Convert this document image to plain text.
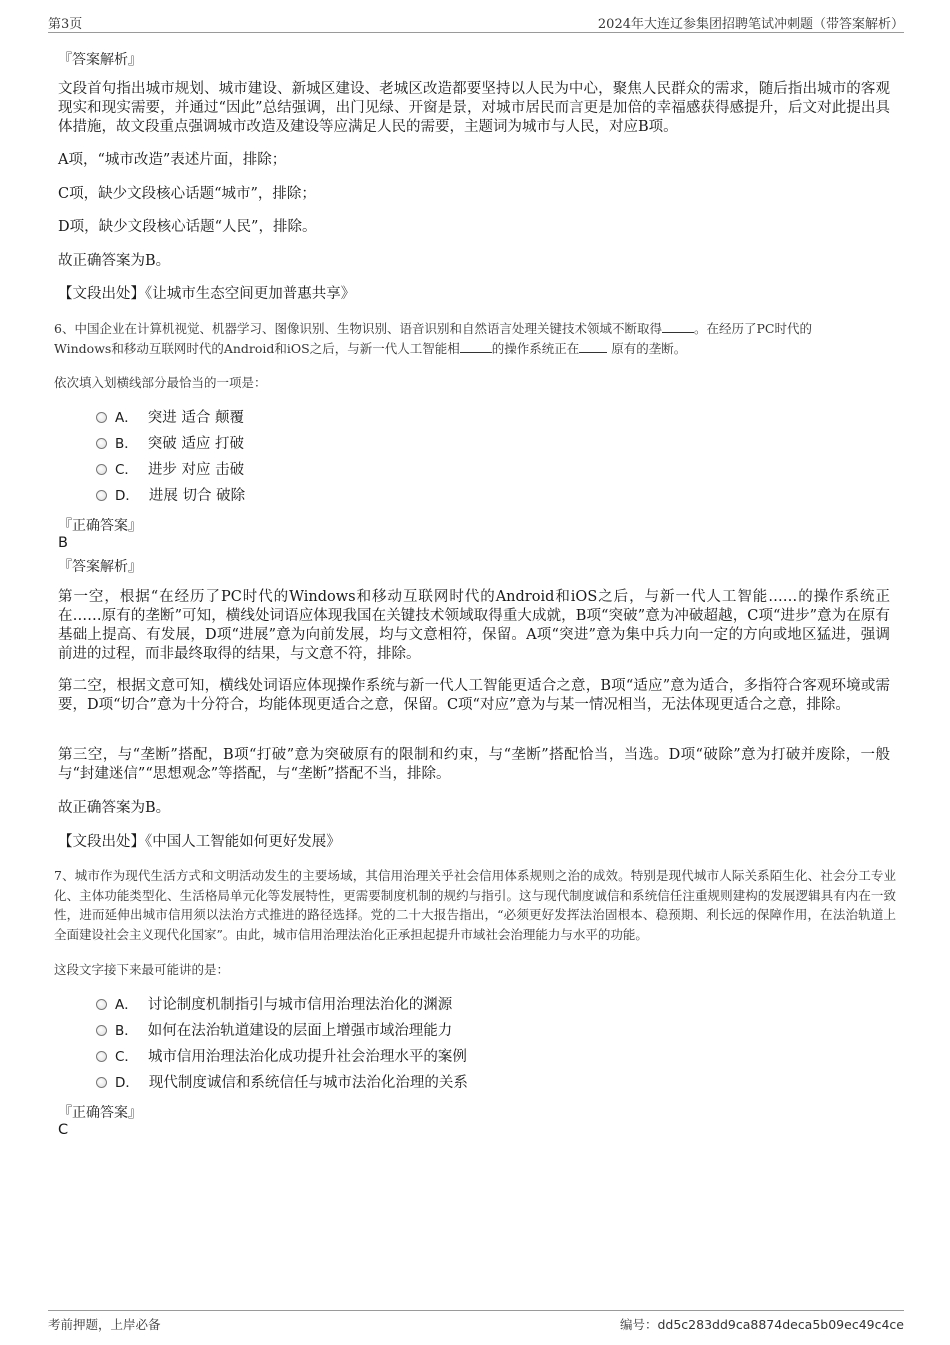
第3页	2024年大连辽参集团招聘笔试冲刺题（带答案解析）
『答案解析』
文段首句指出城市规划、城市建设、新城区建设、老城区改造都要坚持以人民为中心，聚焦人民群众的需求，随后指出城市的客观现实和现实需要，并通过“因此”总结强调，出门见绿、开窗是景，对城市居民而言更是加倍的幸福感获得感提升，后文对此提出具体措施，故文段重点强调城市改造及建设等应满足人民的需要，主题词为城市与人民，对应B项。
A项，“城市改造”表述片面，排除；
C项，缺少文段核心话题“城市”，排除；
D项，缺少文段核心话题“人民”，排除。
故正确答案为B。
【文段出处】《让城市生态空间更加普惠共享》
6、中国企业在计算机视觉、机器学习、图像识别、生物识别、语音识别和自然语言处理关键技术领域不断取得	。在经历了PC时代的
Windows和移动互联网时代的Android和iOS之后，与新一代人工智能相	的操作系统正在 原有的垄断。
依次填入划横线部分最恰当的一项是：
A． 突进 适合 颠覆
B． 突破 适应 打破
C． 进步 对应 击破
D． 进展 切合 破除
『正确答案』
B
『答案解析』
第一空，根据“在经历了PC时代的Windows和移动互联网时代的Android和iOS之后，与新一代人工智能……的操作系统正在……原有的垄断”可知，横线处词语应体现我国在关键技术领域取得重大成就，B项“突破”意为冲破超越，C项“进步”意为在原有基础上提高、有发展，D项“进展”意为向前发展，均与文意相符，保留。A项“突进”意为集中兵力向一定的方向或地区猛进，强调前进的过程，而非最终取得的结果，与文意不符，排除。
第二空，根据文意可知，横线处词语应体现操作系统与新一代人工智能更适合之意，B项“适应”意为适合，多指符合客观环境或需要，D项“切合”意为十分符合，均能体现更适合之意，保留。C项“对应”意为与某一情况相当，无法体现更适合之意，排除。
第三空，与“垄断”搭配，B项“打破”意为突破原有的限制和约束，与“垄断”搭配恰当，当选。D项“破除”意为打破并废除，一般与“封建迷信”“思想观念”等搭配，与“垄断”搭配不当，排除。
故正确答案为B。
【文段出处】《中国人工智能如何更好发展》
7、城市作为现代生活方式和文明活动发生的主要场域，其信用治理关乎社会信用体系规则之治的成效。特别是现代城市人际关系陌生化、社会分工专业化、主体功能类型化、生活格局单元化等发展特性，更需要制度机制的规约与指引。这与现代制度诚信和系统信任注重规则建构的发展逻辑具有内在一致性，进而延伸出城市信用须以法治方式推进的路径选择。党的二十大报告指出，“必须更好发挥法治固根本、稳预期、利长远的保障作用，在法治轨道上全面建设社会主义现代化国家”。由此，城市信用治理法治化正承担起提升市域社会治理能力与水平的功能。
这段文字接下来最可能讲的是：
A． 讨论制度机制指引与城市信用治理法治化的渊源
B． 如何在法治轨道建设的层面上增强市域治理能力
C． 城市信用治理法治化成功提升社会治理水平的案例
D． 现代制度诚信和系统信任与城市法治化治理的关系
『正确答案』
C
考前押题，上岸必备	编号：dd5c283dd9ca8874deca5b09ec49c4ce
